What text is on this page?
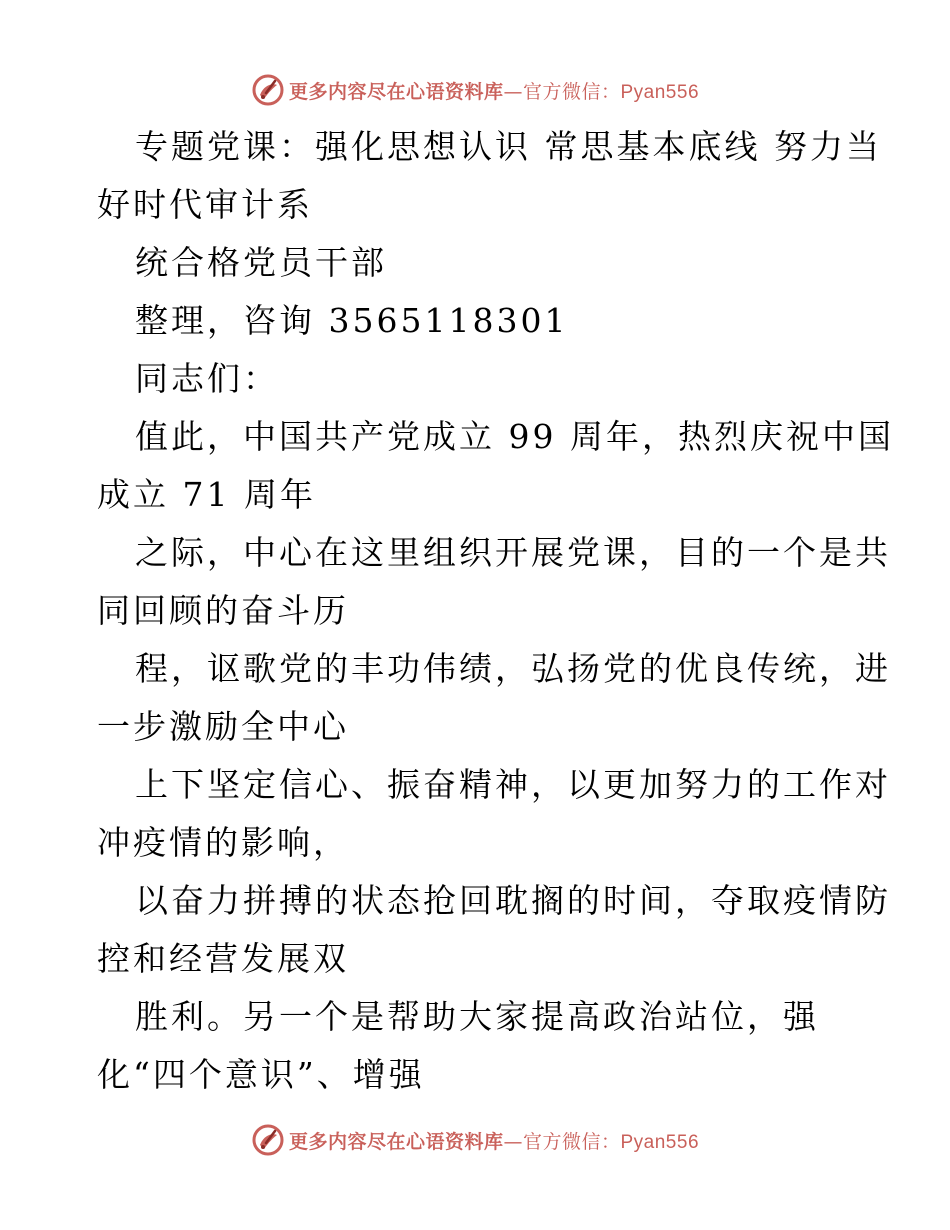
更多内容尽在心语资料库—官方微信：Pyan556
专题党课：强化思想认识 常思基本底线 努力当
好时代审计系
统合格党员干部
整理，咨询 3565118301
同志们：
值此，中国共产党成立 99 周年，热烈庆祝中国
成立 71 周年
之际，中心在这里组织开展党课，目的一个是共
同回顾的奋斗历
程，讴歌党的丰功伟绩，弘扬党的优良传统，进
一步激励全中心
上下坚定信心、振奋精神，以更加努力的工作对
冲疫情的影响，
以奋力拼搏的状态抢回耽搁的时间，夺取疫情防
控和经营发展双
胜利。另一个是帮助大家提高政治站位，强
化“四个意识”、增强
更多内容尽在心语资料库—官方微信：Pyan556
